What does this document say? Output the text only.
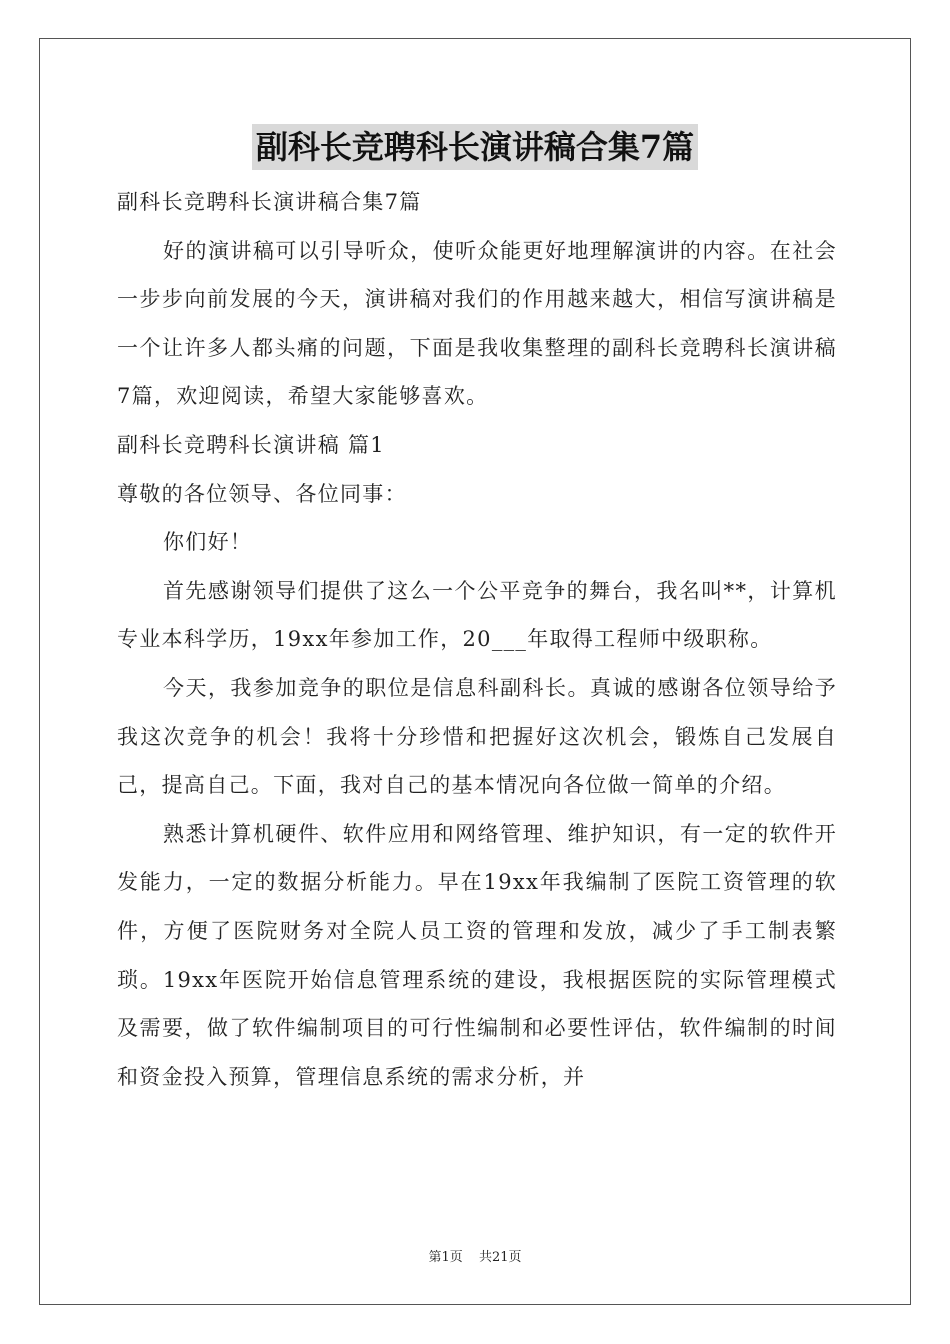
副科长竞聘科长演讲稿合集7篇

副科长竞聘科长演讲稿合集7篇

好的演讲稿可以引导听众，使听众能更好地理解演讲的内容。在社会一步步向前发展的今天，演讲稿对我们的作用越来越大，相信写演讲稿是一个让许多人都头痛的问题，下面是我收集整理的副科长竞聘科长演讲稿7篇，欢迎阅读，希望大家能够喜欢。

副科长竞聘科长演讲稿 篇1

尊敬的各位领导、各位同事：

你们好！

首先感谢领导们提供了这么一个公平竞争的舞台，我名叫**，计算机专业本科学历，19xx年参加工作，20___年取得工程师中级职称。

今天，我参加竞争的职位是信息科副科长。真诚的感谢各位领导给予我这次竞争的机会！我将十分珍惜和把握好这次机会，锻炼自己发展自己，提高自己。下面，我对自己的基本情况向各位做一简单的介绍。

熟悉计算机硬件、软件应用和网络管理、维护知识，有一定的软件开发能力，一定的数据分析能力。早在19xx年我编制了医院工资管理的软件，方便了医院财务对全院人员工资的管理和发放，减少了手工制表繁琐。19xx年医院开始信息管理系统的建设，我根据医院的实际管理模式及需要，做了软件编制项目的可行性编制和必要性评估，软件编制的时间和资金投入预算，管理信息系统的需求分析，并

第1页 共21页
